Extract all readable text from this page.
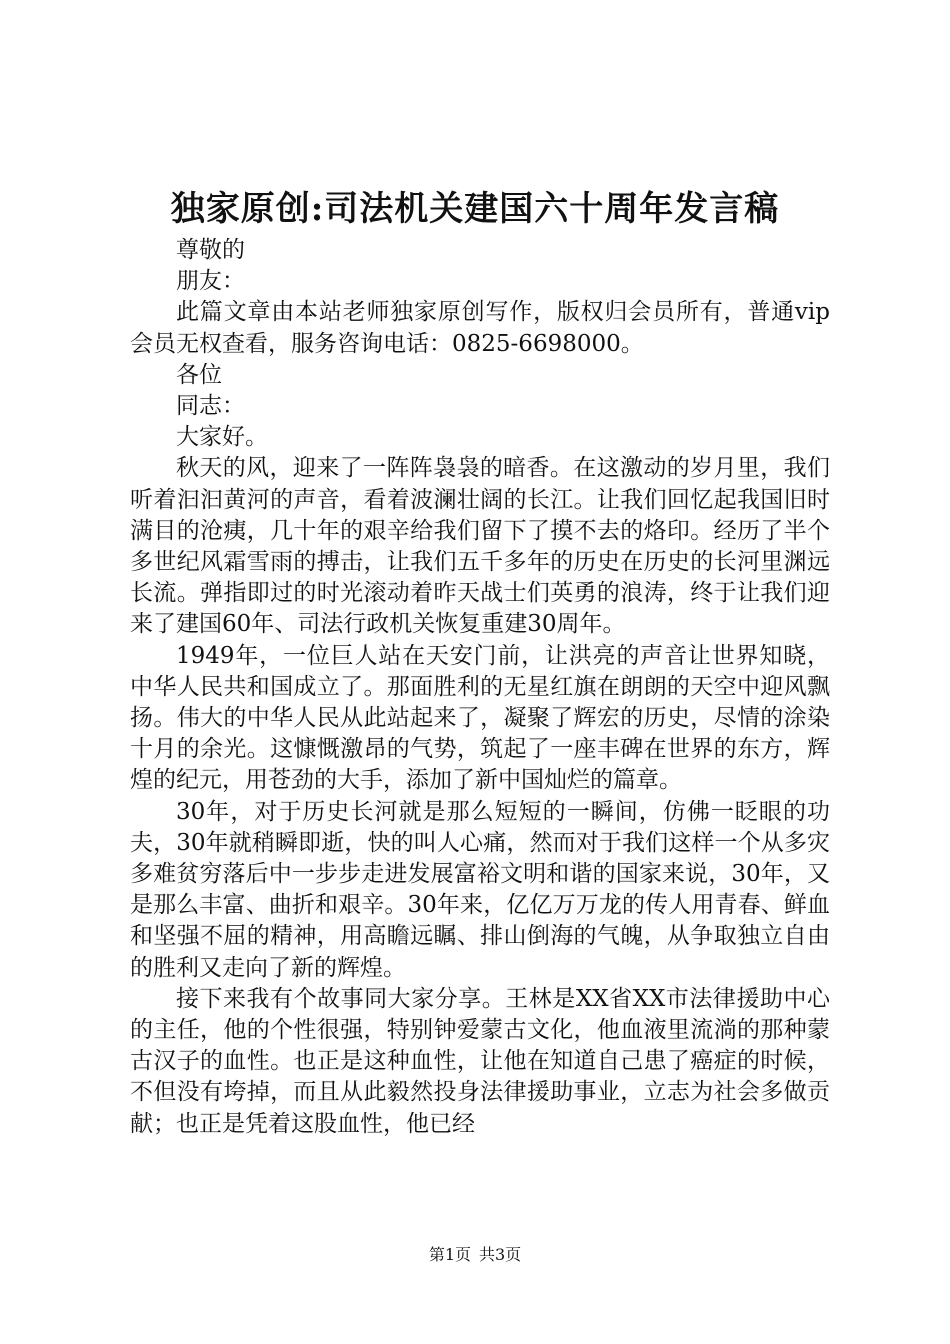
独家原创:司法机关建国六十周年发言稿

尊敬的

朋友：

此篇文章由本站老师独家原创写作，版权归会员所有，普通vip会员无权查看，服务咨询电话：0825-6698000。

各位

同志：

大家好。

秋天的风，迎来了一阵阵袅袅的暗香。在这激动的岁月里，我们听着汩汩黄河的声音，看着波澜壮阔的长江。让我们回忆起我国旧时满目的沧痍，几十年的艰辛给我们留下了摸不去的烙印。经历了半个多世纪风霜雪雨的搏击，让我们五千多年的历史在历史的长河里渊远长流。弹指即过的时光滚动着昨天战士们英勇的浪涛，终于让我们迎来了建国60年、司法行政机关恢复重建30周年。

1949年，一位巨人站在天安门前，让洪亮的声音让世界知晓，中华人民共和国成立了。那面胜利的无星红旗在朗朗的天空中迎风飘扬。伟大的中华人民从此站起来了，凝聚了辉宏的历史，尽情的涂染十月的余光。这慷慨激昂的气势，筑起了一座丰碑在世界的东方，辉煌的纪元，用苍劲的大手，添加了新中国灿烂的篇章。

30年，对于历史长河就是那么短短的一瞬间，仿佛一眨眼的功夫，30年就稍瞬即逝，快的叫人心痛，然而对于我们这样一个从多灾多难贫穷落后中一步步走进发展富裕文明和谐的国家来说，30年，又是那么丰富、曲折和艰辛。30年来，亿亿万万龙的传人用青春、鲜血和坚强不屈的精神，用高瞻远瞩、排山倒海的气魄，从争取独立自由的胜利又走向了新的辉煌。

接下来我有个故事同大家分享。王林是XX省XX市法律援助中心的主任，他的个性很强，特别钟爱蒙古文化，他血液里流淌的那种蒙古汉子的血性。也正是这种血性，让他在知道自己患了癌症的时候，不但没有垮掉，而且从此毅然投身法律援助事业，立志为社会多做贡献；也正是凭着这股血性，他已经

第1页 共3页
